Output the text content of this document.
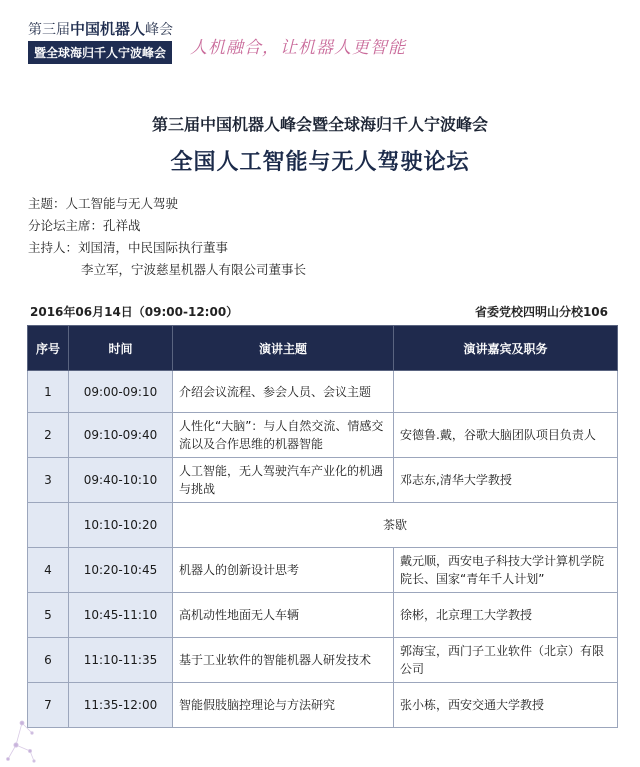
第三届中国机器人峰会
暨全球海归千人宁波峰会	人机融合，让机器人更智能
第三届中国机器人峰会暨全球海归千人宁波峰会
全国人工智能与无人驾驶论坛
主题：人工智能与无人驾驶
分论坛主席：孔祥战
主持人：刘国清，中民国际执行董事
李立军，宁波慈星机器人有限公司董事长
2016年06月14日（09:00-12:00）	省委党校四明山分校106
序号	时间	演讲主题	演讲嘉宾及职务
1	09:00-09:10	介绍会议流程、参会人员、会议主题	
2	09:10-09:40	人性化“大脑”：与人自然交流、情感交流以及合作思维的机器智能	安德鲁.戴，谷歌大脑团队项目负责人
3	09:40-10:10	人工智能，无人驾驶汽车产业化的机遇与挑战	邓志东,清华大学教授
	10:10-10:20	茶歇	
4	10:20-10:45	机器人的创新设计思考	戴元顺，西安电子科技大学计算机学院院长、国家“青年千人计划”
5	10:45-11:10	高机动性地面无人车辆	徐彬，北京理工大学教授
6	11:10-11:35	基于工业软件的智能机器人研发技术	郭海宝，西门子工业软件（北京）有限公司
7	11:35-12:00	智能假肢脑控理论与方法研究	张小栋，西安交通大学教授
